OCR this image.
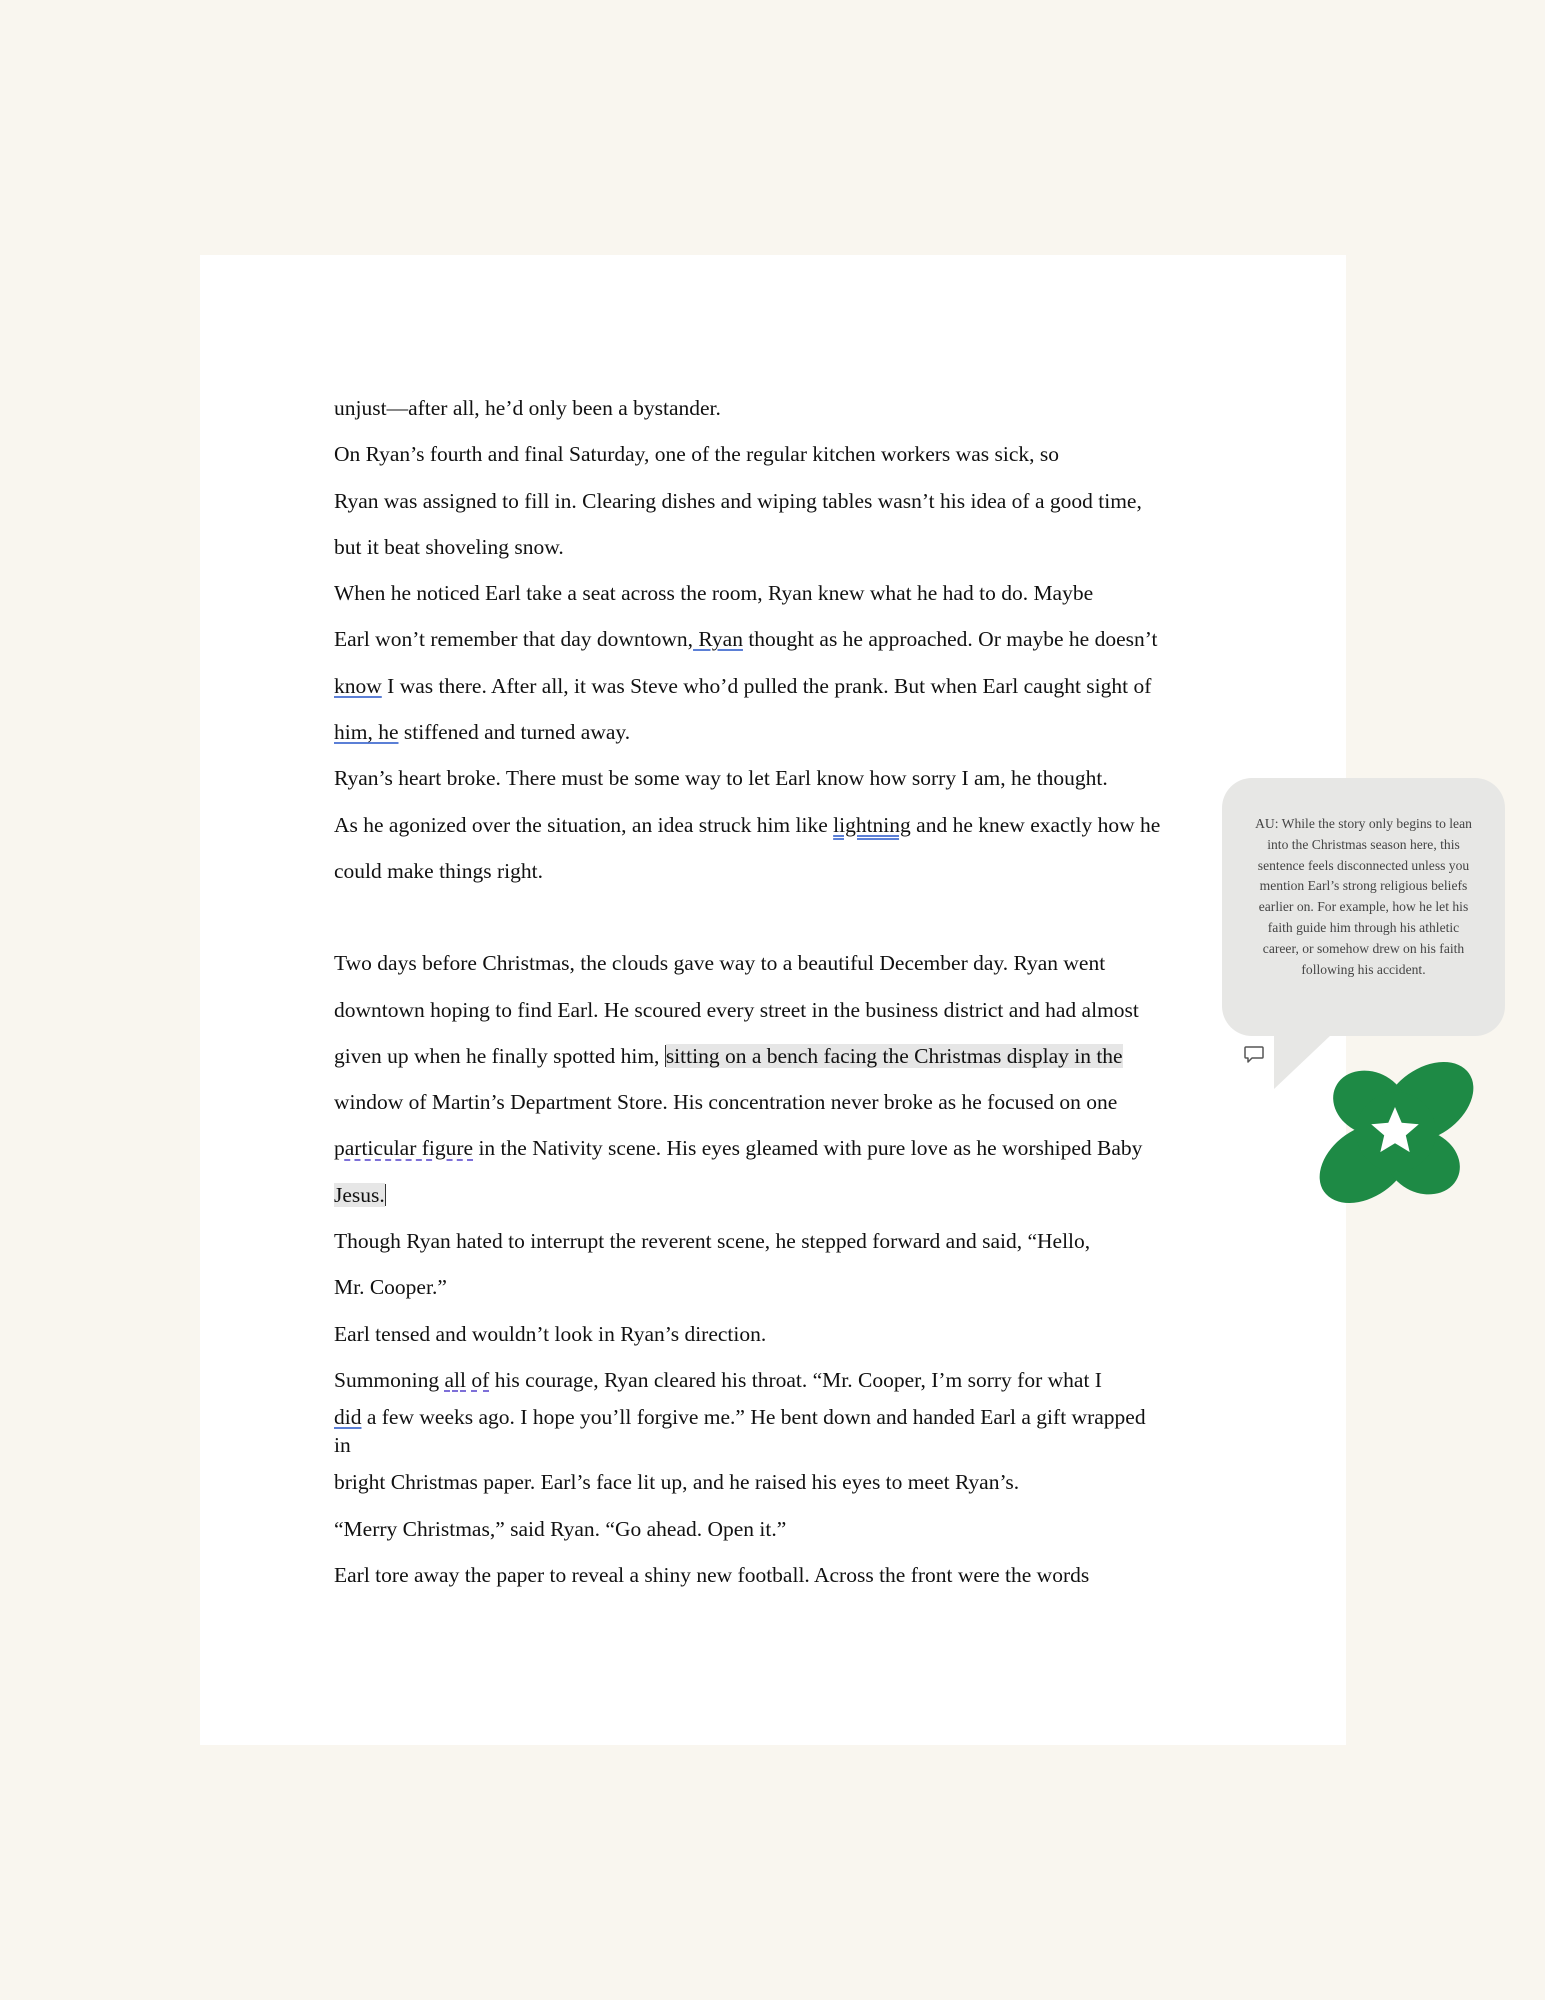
unjust—after all, he’d only been a bystander.
On Ryan’s fourth and final Saturday, one of the regular kitchen workers was sick, so
Ryan was assigned to fill in. Clearing dishes and wiping tables wasn’t his idea of a good time,
but it beat shoveling snow.
When he noticed Earl take a seat across the room, Ryan knew what he had to do. Maybe
Earl won’t remember that day downtown, Ryan thought as he approached. Or maybe he doesn’t
know I was there. After all, it was Steve who’d pulled the prank. But when Earl caught sight of
him, he stiffened and turned away.
Ryan’s heart broke. There must be some way to let Earl know how sorry I am, he thought.
As he agonized over the situation, an idea struck him like lightning and he knew exactly how he
could make things right.
Two days before Christmas, the clouds gave way to a beautiful December day. Ryan went
downtown hoping to find Earl. He scoured every street in the business district and had almost
given up when he finally spotted him, sitting on a bench facing the Christmas display in the
window of Martin’s Department Store. His concentration never broke as he focused on one
particular figure in the Nativity scene. His eyes gleamed with pure love as he worshiped Baby
Jesus.
Though Ryan hated to interrupt the reverent scene, he stepped forward and said, “Hello,
Mr. Cooper.”
Earl tensed and wouldn’t look in Ryan’s direction.
Summoning all of his courage, Ryan cleared his throat. “Mr. Cooper, I’m sorry for what I
did a few weeks ago. I hope you’ll forgive me.” He bent down and handed Earl a gift wrapped
in
bright Christmas paper. Earl’s face lit up, and he raised his eyes to meet Ryan’s.
“Merry Christmas,” said Ryan. “Go ahead. Open it.”
Earl tore away the paper to reveal a shiny new football. Across the front were the words
AU: While the story only begins to lean into the Christmas season here, this sentence feels disconnected unless you mention Earl’s strong religious beliefs earlier on. For example, how he let his faith guide him through his athletic career, or somehow drew on his faith following his accident.
